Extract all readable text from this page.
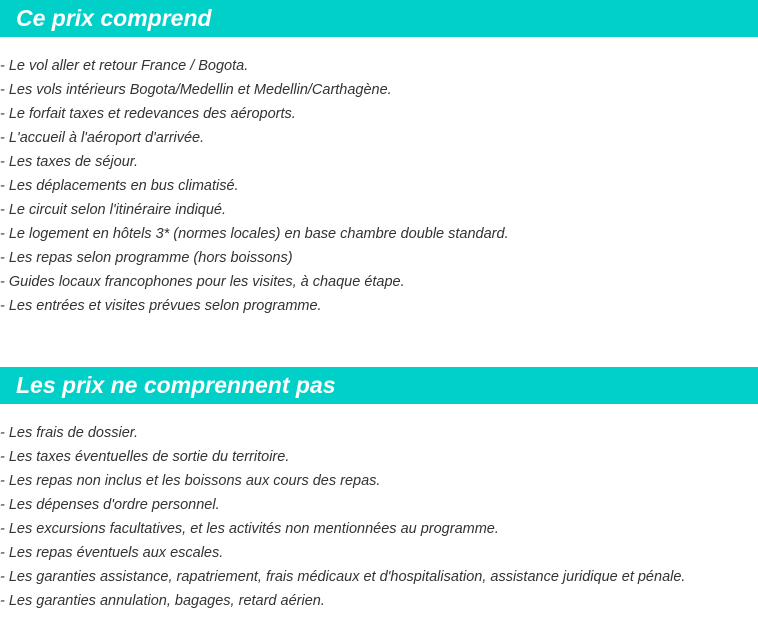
Ce prix comprend
- Le vol aller et retour France / Bogota.
- Les vols intérieurs Bogota/Medellin et Medellin/Carthagène.
- Le forfait taxes et redevances des aéroports.
- L'accueil à l'aéroport d'arrivée.
- Les taxes de séjour.
- Les déplacements en bus climatisé.
- Le circuit selon l'itinéraire indiqué.
- Le logement en hôtels 3* (normes locales) en base chambre double standard.
- Les repas selon programme (hors boissons)
- Guides locaux francophones pour les visites, à chaque étape.
- Les entrées et visites prévues selon programme.
Les prix ne comprennent pas
- Les frais de dossier.
- Les taxes éventuelles de sortie du territoire.
- Les repas non inclus et les boissons aux cours des repas.
- Les dépenses d'ordre personnel.
- Les excursions facultatives, et les activités non mentionnées au programme.
- Les repas éventuels aux escales.
- Les garanties assistance, rapatriement, frais médicaux et d'hospitalisation, assistance juridique et pénale.
- Les garanties annulation, bagages, retard aérien.
